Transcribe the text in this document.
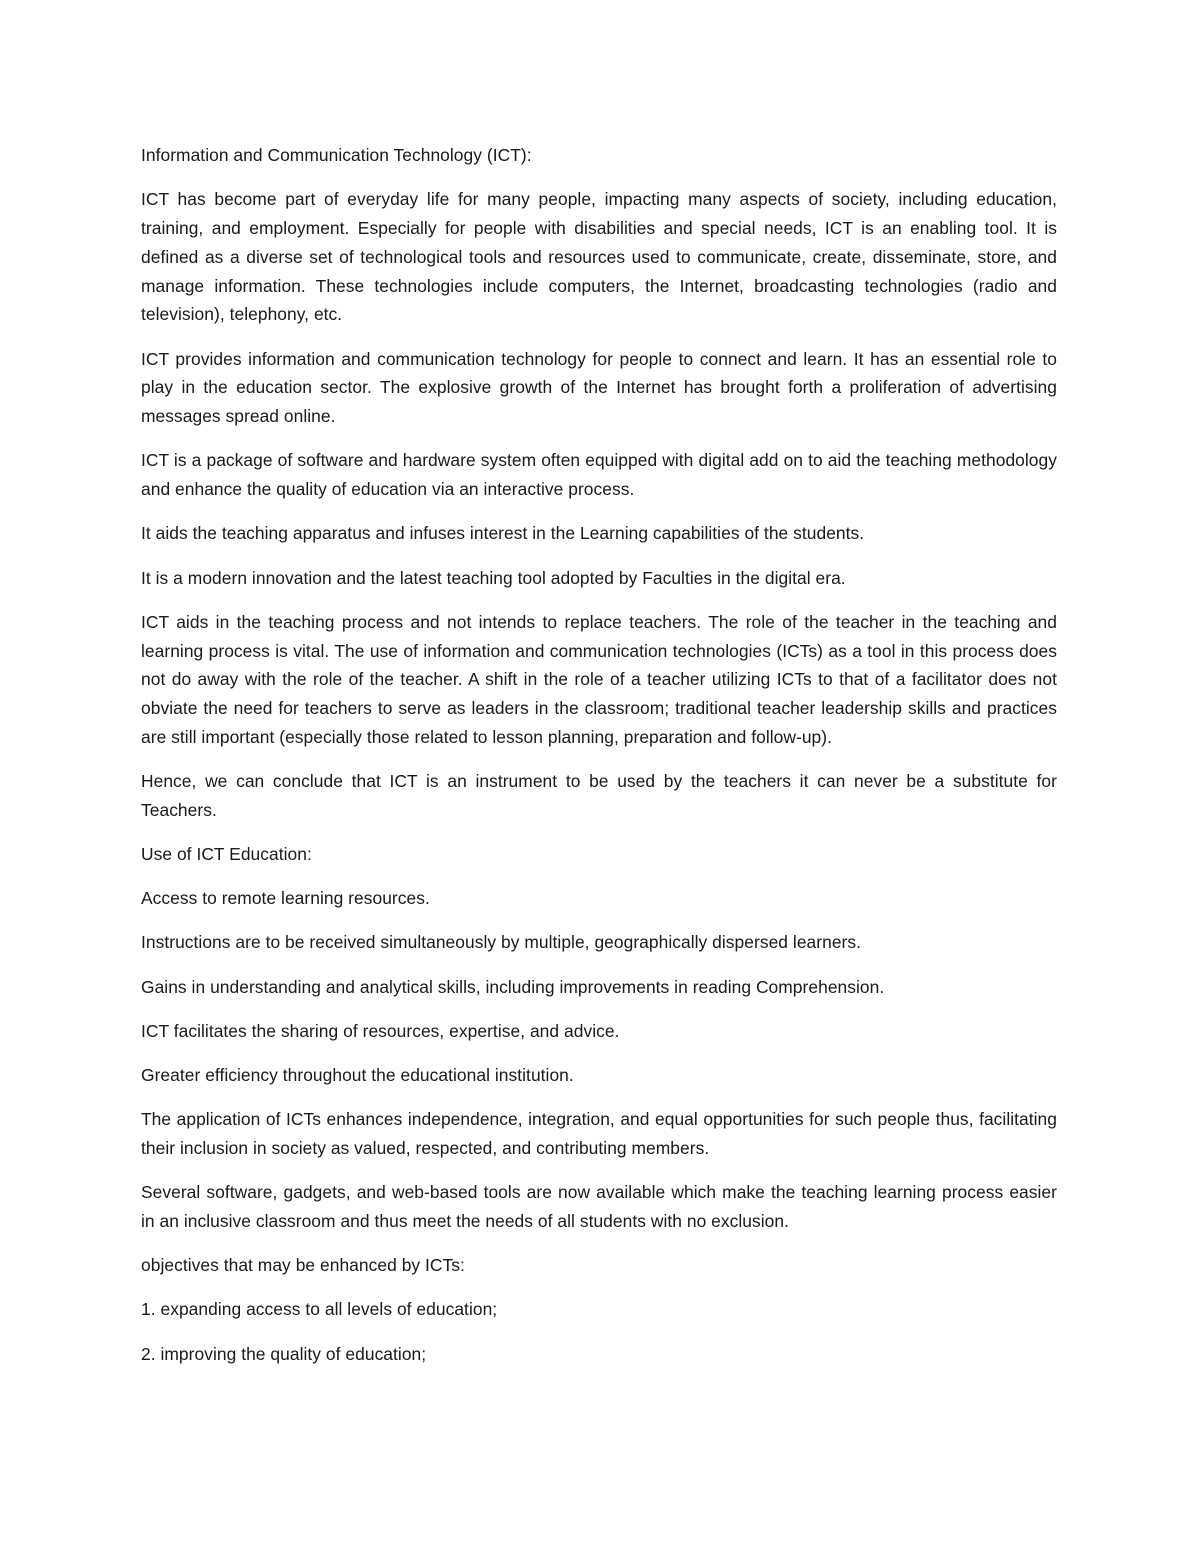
Information and Communication Technology (ICT):

ICT has become part of everyday life for many people, impacting many aspects of society, including education, training, and employment. Especially for people with disabilities and special needs, ICT is an enabling tool. It is defined as a diverse set of technological tools and resources used to communicate, create, disseminate, store, and manage information. These technologies include computers, the Internet, broadcasting technologies (radio and television), telephony, etc.

ICT provides information and communication technology for people to connect and learn. It has an essential role to play in the education sector. The explosive growth of the Internet has brought forth a proliferation of advertising messages spread online.

ICT is a package of software and hardware system often equipped with digital add on to aid the teaching methodology and enhance the quality of education via an interactive process.

It aids the teaching apparatus and infuses interest in the Learning capabilities of the students.

It is a modern innovation and the latest teaching tool adopted by Faculties in the digital era.

ICT aids in the teaching process and not intends to replace teachers. The role of the teacher in the teaching and learning process is vital. The use of information and communication technologies (ICTs) as a tool in this process does not do away with the role of the teacher. A shift in the role of a teacher utilizing ICTs to that of a facilitator does not obviate the need for teachers to serve as leaders in the classroom; traditional teacher leadership skills and practices are still important (especially those related to lesson planning, preparation and follow-up).

Hence, we can conclude that ICT is an instrument to be used by the teachers it can never be a substitute for Teachers.

Use of ICT Education:

Access to remote learning resources.

Instructions are to be received simultaneously by multiple, geographically dispersed learners.

Gains in understanding and analytical skills, including improvements in reading Comprehension.

ICT facilitates the sharing of resources, expertise, and advice.

Greater efficiency throughout the educational institution.

The application of ICTs enhances independence, integration, and equal opportunities for such people thus, facilitating their inclusion in society as valued, respected, and contributing members.

Several software, gadgets, and web-based tools are now available which make the teaching learning process easier in an inclusive classroom and thus meet the needs of all students with no exclusion.

objectives that may be enhanced by ICTs:

1. expanding access to all levels of education;

2. improving the quality of education;
